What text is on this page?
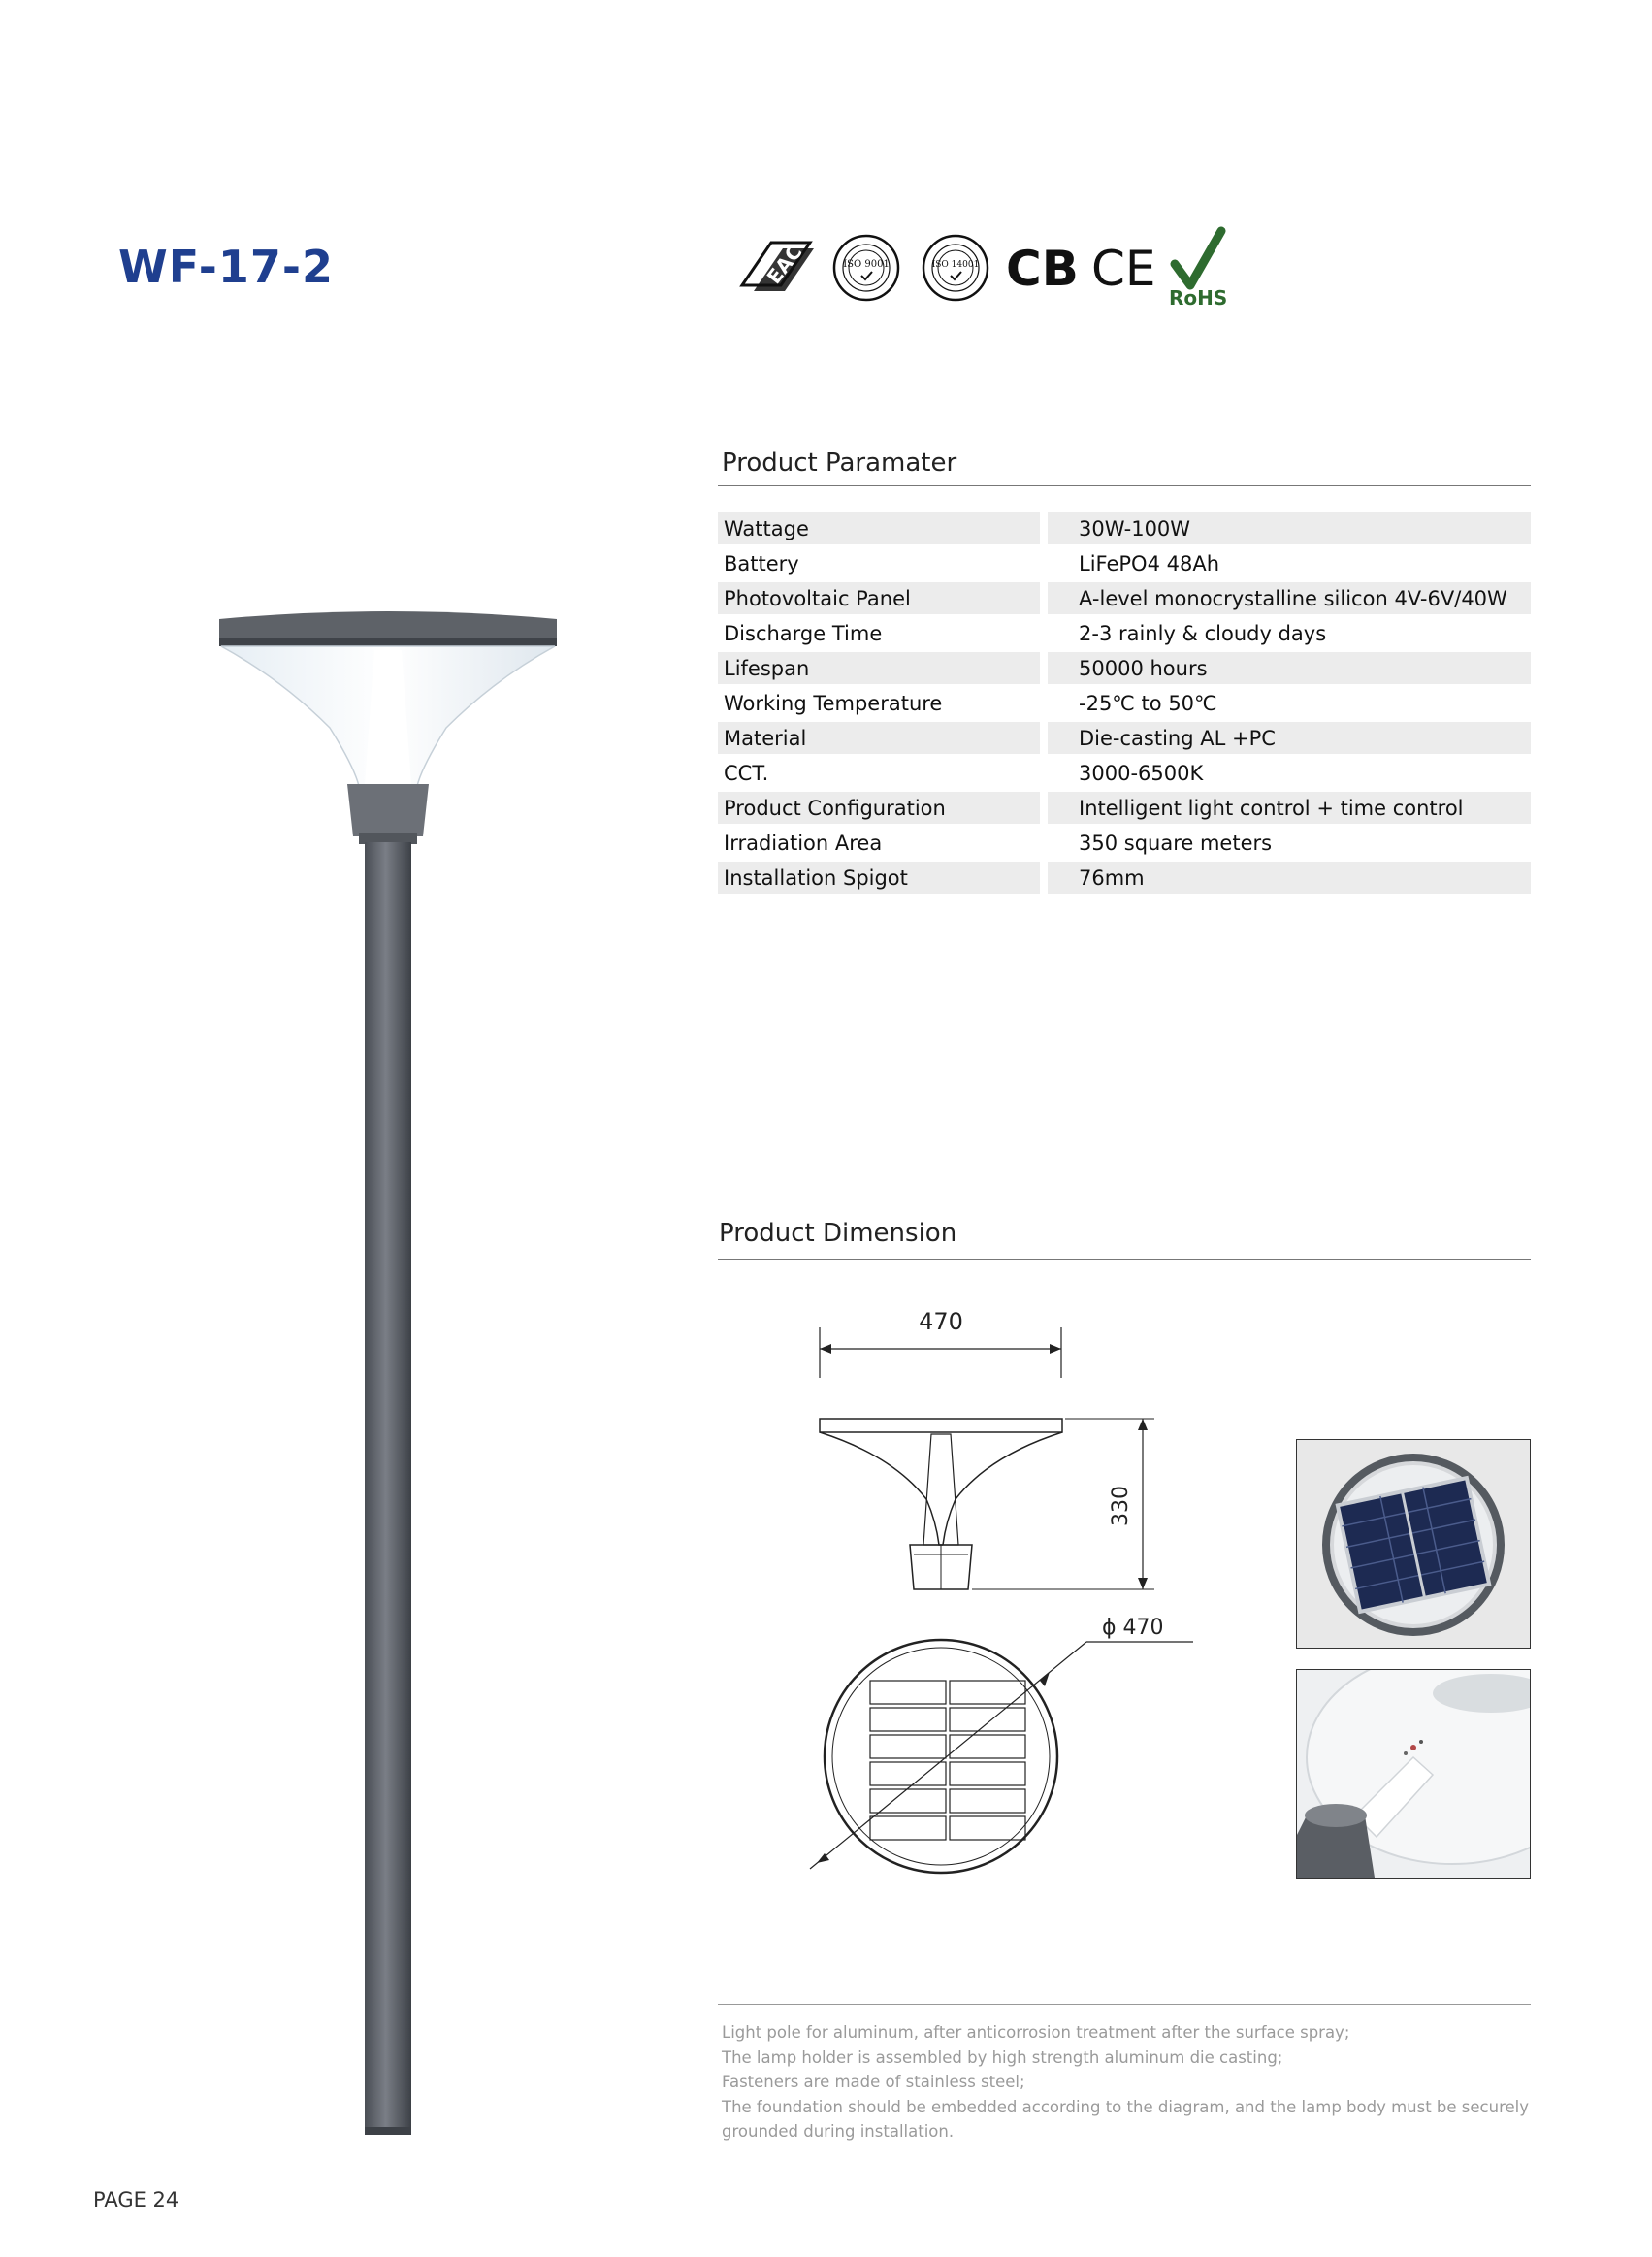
WF-17-2	EAC	ISO 9001	ISO 14001 CB CE
RoHS
Product Paramater
Wattage	30W-100W
Battery	LiFePO4 48Ah
Photovoltaic Panel	A-level monocrystalline silicon 4V-6V/40W
Discharge Time	2-3 rainly & cloudy days
Lifespan	50000 hours
Working Temperature	-25℃ to 50℃
Material	Die-casting AL +PC
CCT.	3000-6500K
Product Configuration	Intelligent light control + time control
Irradiation Area	350 square meters
Installation Spigot	76mm
Product Dimension
470
330
ϕ 470
Light pole for aluminum, after anticorrosion treatment after the surface spray;
The lamp holder is assembled by high strength aluminum die casting;
Fasteners are made of stainless steel;
The foundation should be embedded according to the diagram, and the lamp body must be securely grounded during installation.
PAGE 24
